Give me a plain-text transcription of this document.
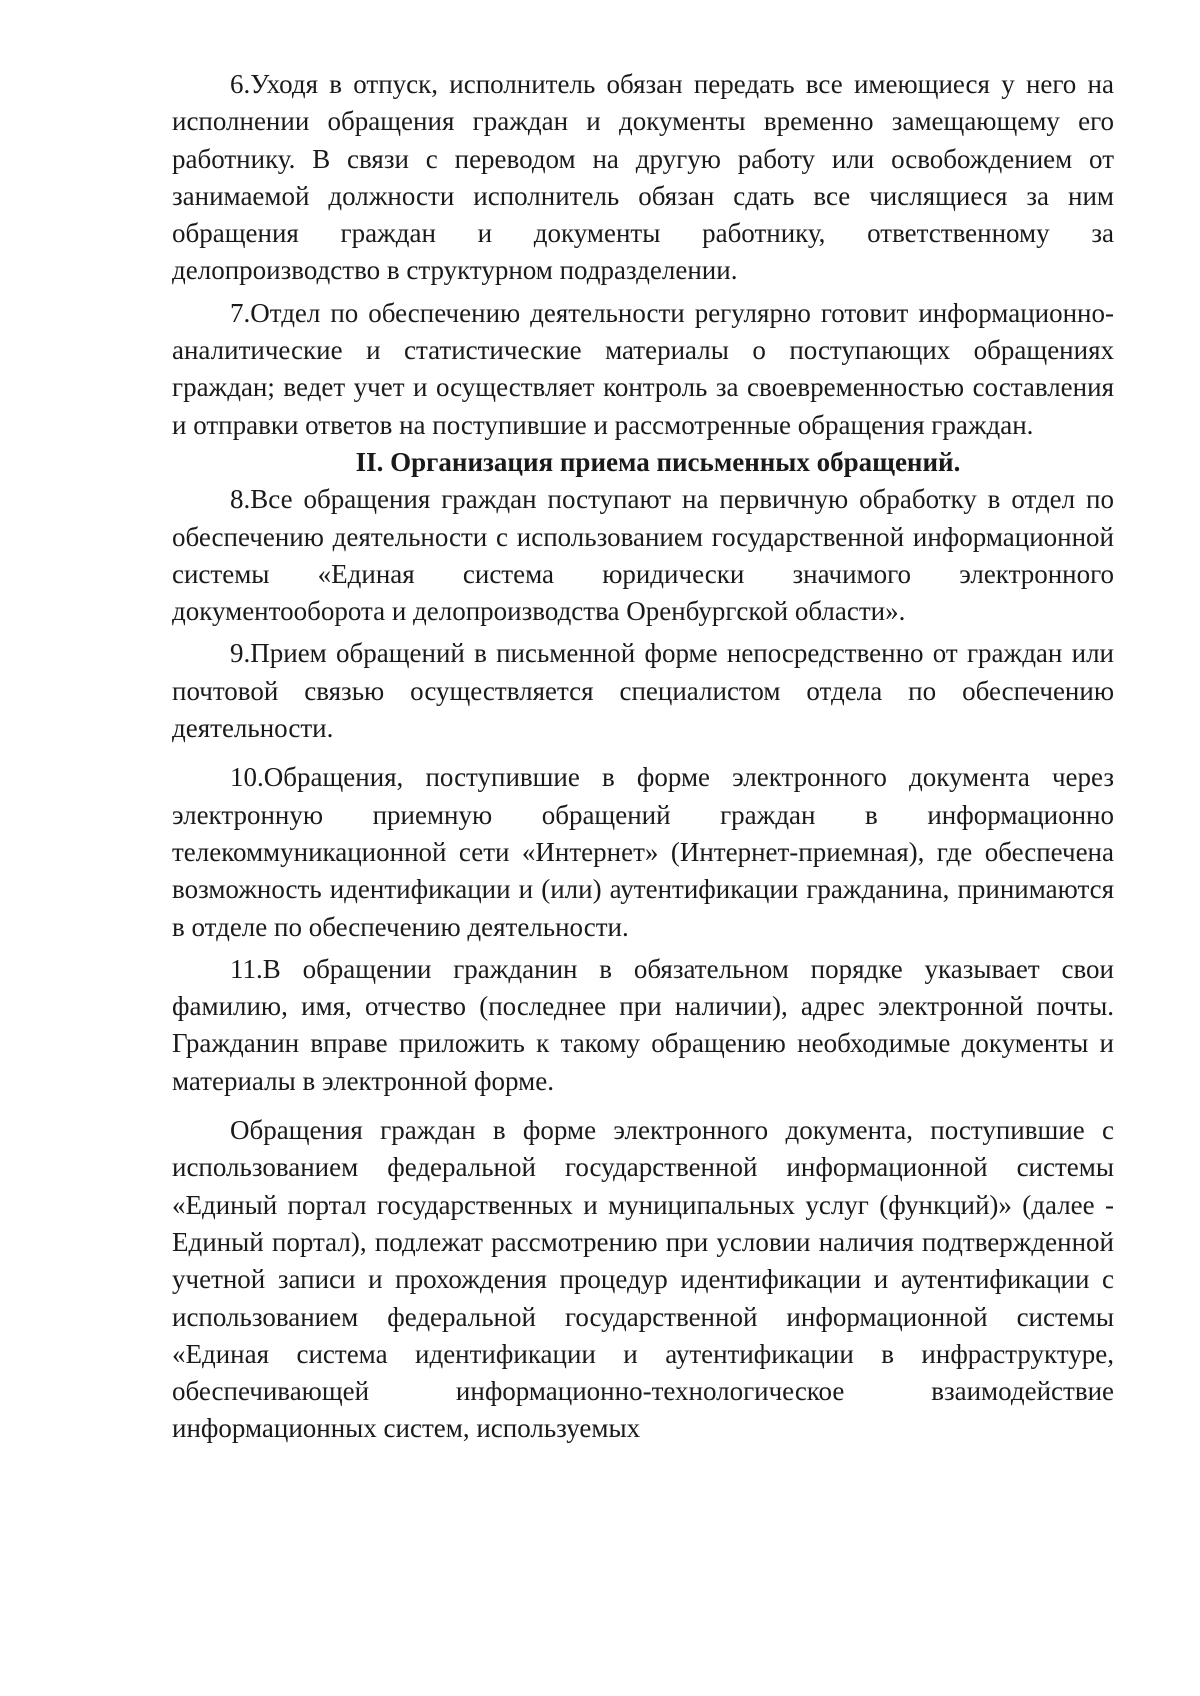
6.Уходя в отпуск, исполнитель обязан передать все имеющиеся у него на исполнении обращения граждан и документы временно замещающему его работнику. В связи с переводом на другую работу или освобождением от занимаемой должности исполнитель обязан сдать все числящиеся за ним обращения граждан и документы работнику, ответственному за делопроизводство в структурном подразделении.

7.Отдел по обеспечению деятельности регулярно готовит информационно-аналитические и статистические материалы о поступающих обращениях граждан; ведет учет и осуществляет контроль за своевременностью составления и отправки ответов на поступившие и рассмотренные обращения граждан.

II. Организация приема письменных обращений.

8.Все обращения граждан поступают на первичную обработку в отдел по обеспечению деятельности с использованием государственной информационной системы «Единая система юридически значимого электронного документооборота и делопроизводства Оренбургской области».

9.Прием обращений в письменной форме непосредственно от граждан или почтовой связью осуществляется специалистом отдела по обеспечению деятельности.

10.Обращения, поступившие в форме электронного документа через электронную приемную обращений граждан в информационно телекоммуникационной сети «Интернет» (Интернет-приемная), где обеспечена возможность идентификации и (или) аутентификации гражданина, принимаются в отделе по обеспечению деятельности.

11.В обращении гражданин в обязательном порядке указывает свои фамилию, имя, отчество (последнее при наличии), адрес электронной почты. Гражданин вправе приложить к такому обращению необходимые документы и материалы в электронной форме.

Обращения граждан в форме электронного документа, поступившие с использованием федеральной государственной информационной системы «Единый портал государственных и муниципальных услуг (функций)» (далее - Единый портал), подлежат рассмотрению при условии наличия подтвержденной учетной записи и прохождения процедур идентификации и аутентификации с использованием федеральной государственной информационной системы «Единая система идентификации и аутентификации в инфраструктуре, обеспечивающей информационно-технологическое взаимодействие информационных систем, используемых
